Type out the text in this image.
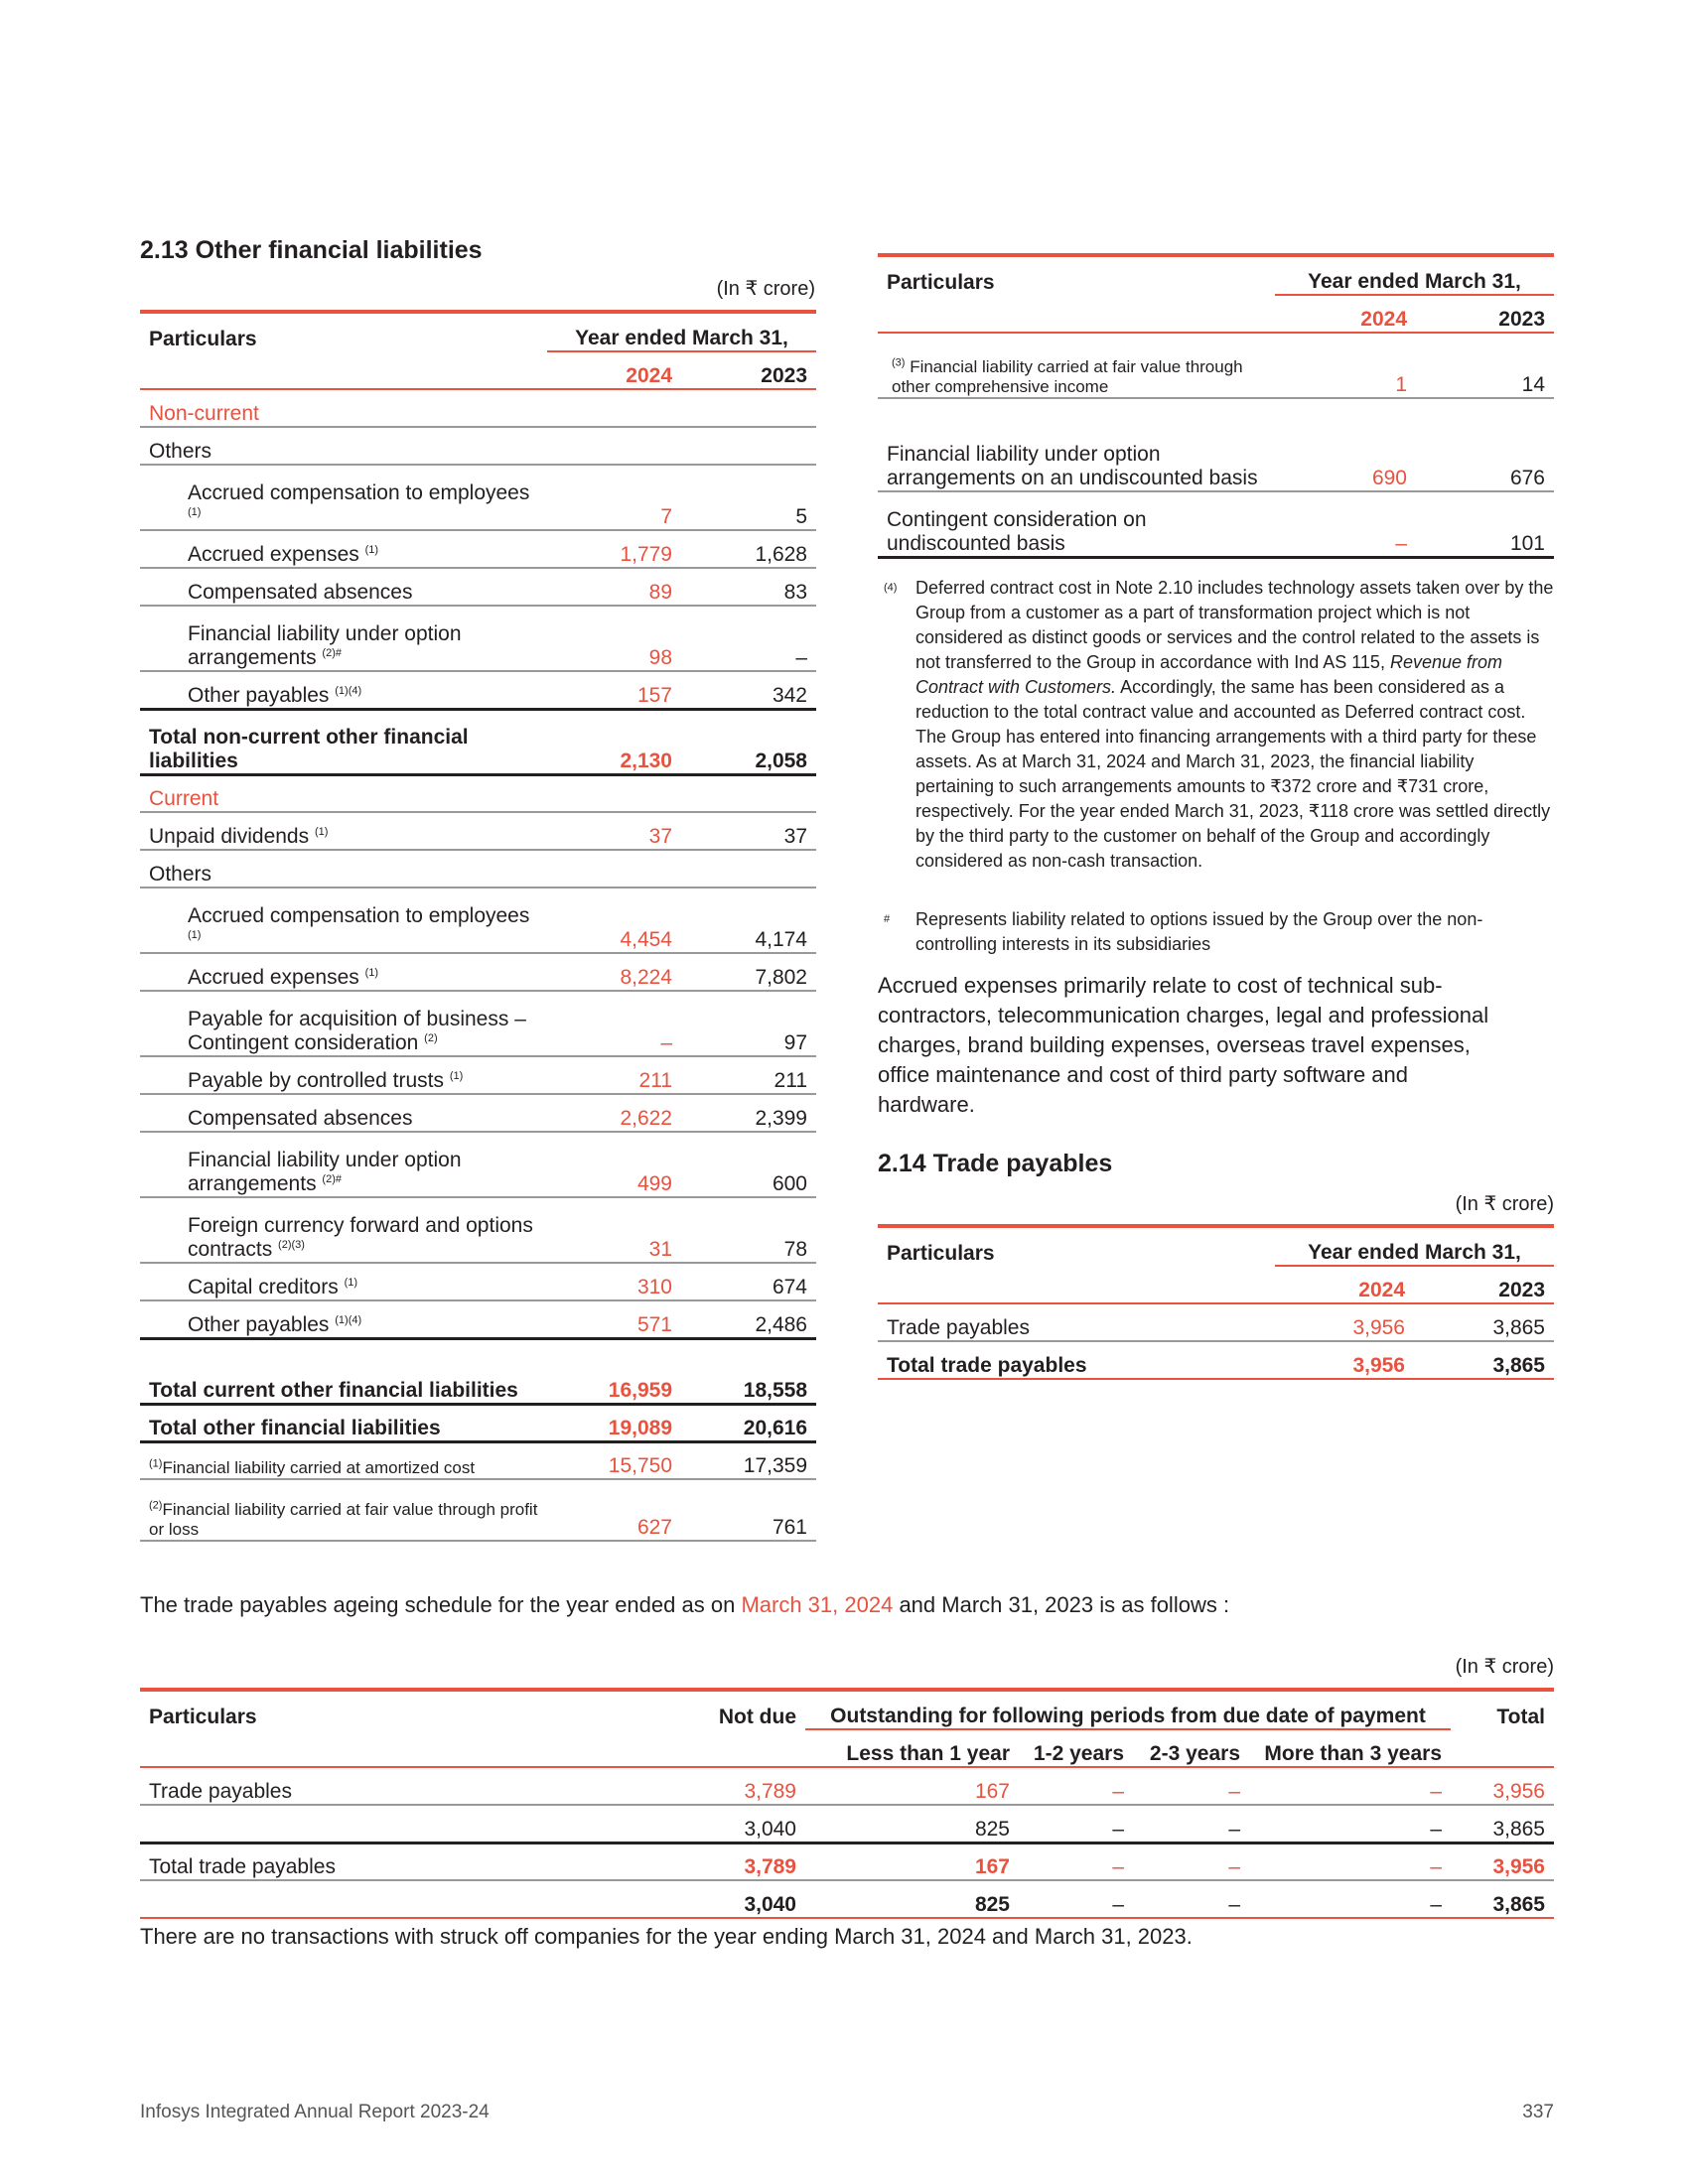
2.13 Other financial liabilities
(In ₹ crore)
Particulars	Year ended March 31,	
	2024	2023
Non-current		
Others		
Accrued compensation to employees $^{(1)}$	7	5
Accrued expenses $^{(1)}$	1,779	1,628
Compensated absences	89	83
Financial liability under option arrangements $^{(2)\#}$	98	–
Other payables $^{(1)(4)}$	157	342
Total non-current other financial liabilities	2,130	2,058
Current		
Unpaid dividends $^{(1)}$	37	37
Others		
Accrued compensation to employees $^{(1)}$	4,454	4,174
Accrued expenses $^{(1)}$	8,224	7,802
Payable for acquisition of business – Contingent consideration $^{(2)}$	–	97
Payable by controlled trusts $^{(1)}$	211	211
Compensated absences	2,622	2,399
Financial liability under option arrangements $^{(2)\#}$	499	600
Foreign currency forward and options contracts $^{(2)(3)}$	31	78
Capital creditors $^{(1)}$	310	674
Other payables $^{(1)(4)}$	571	2,486
Total current other financial liabilities	16,959	18,558
Total other financial liabilities	19,089	20,616
$^{(1)}$Financial liability carried at amortized cost	15,750	17,359
$^{(2)}$Financial liability carried at fair value through profit or loss	627	761
Particulars	Year ended March 31,	
	2024	2023
$^{(3)}$ Financial liability carried at fair value through other comprehensive income	1	14
Financial liability under option arrangements on an undiscounted basis	690	676
Contingent consideration on undiscounted basis	–	101
(4) Deferred contract cost in Note 2.10 includes technology assets taken over by the Group from a customer as a part of transformation project which is not considered as distinct goods or services and the control related to the assets is not transferred to the Group in accordance with Ind AS 115, Revenue from Contract with Customers. Accordingly, the same has been considered as a reduction to the total contract value and accounted as Deferred contract cost. The Group has entered into financing arrangements with a third party for these assets. As at March 31, 2024 and March 31, 2023, the financial liability pertaining to such arrangements amounts to ₹372 crore and ₹731 crore, respectively. For the year ended March 31, 2023, ₹118 crore was settled directly by the third party to the customer on behalf of the Group and accordingly considered as non-cash transaction.
# Represents liability related to options issued by the Group over the non-controlling interests in its subsidiaries
Accrued expenses primarily relate to cost of technical sub-contractors, telecommunication charges, legal and professional charges, brand building expenses, overseas travel expenses, office maintenance and cost of third party software and hardware.
2.14 Trade payables
(In ₹ crore)
Particulars	Year ended March 31,	
	2024	2023
Trade payables	3,956	3,865
Total trade payables	3,956	3,865
The trade payables ageing schedule for the year ended as on March 31, 2024 and March 31, 2023 is as follows :
(In ₹ crore)
Particulars	Not due	Outstanding for following periods from due date of payment				Total
		Less than 1 year	1-2 years	2-3 years	More than 3 years	
Trade payables	3,789	167	–	–	–	3,956
	3,040	825	–	–	–	3,865
Total trade payables	3,789	167	–	–	–	3,956
	3,040	825	–	–	–	3,865
There are no transactions with struck off companies for the year ending March 31, 2024 and March 31, 2023.
Infosys Integrated Annual Report 2023-24	337
